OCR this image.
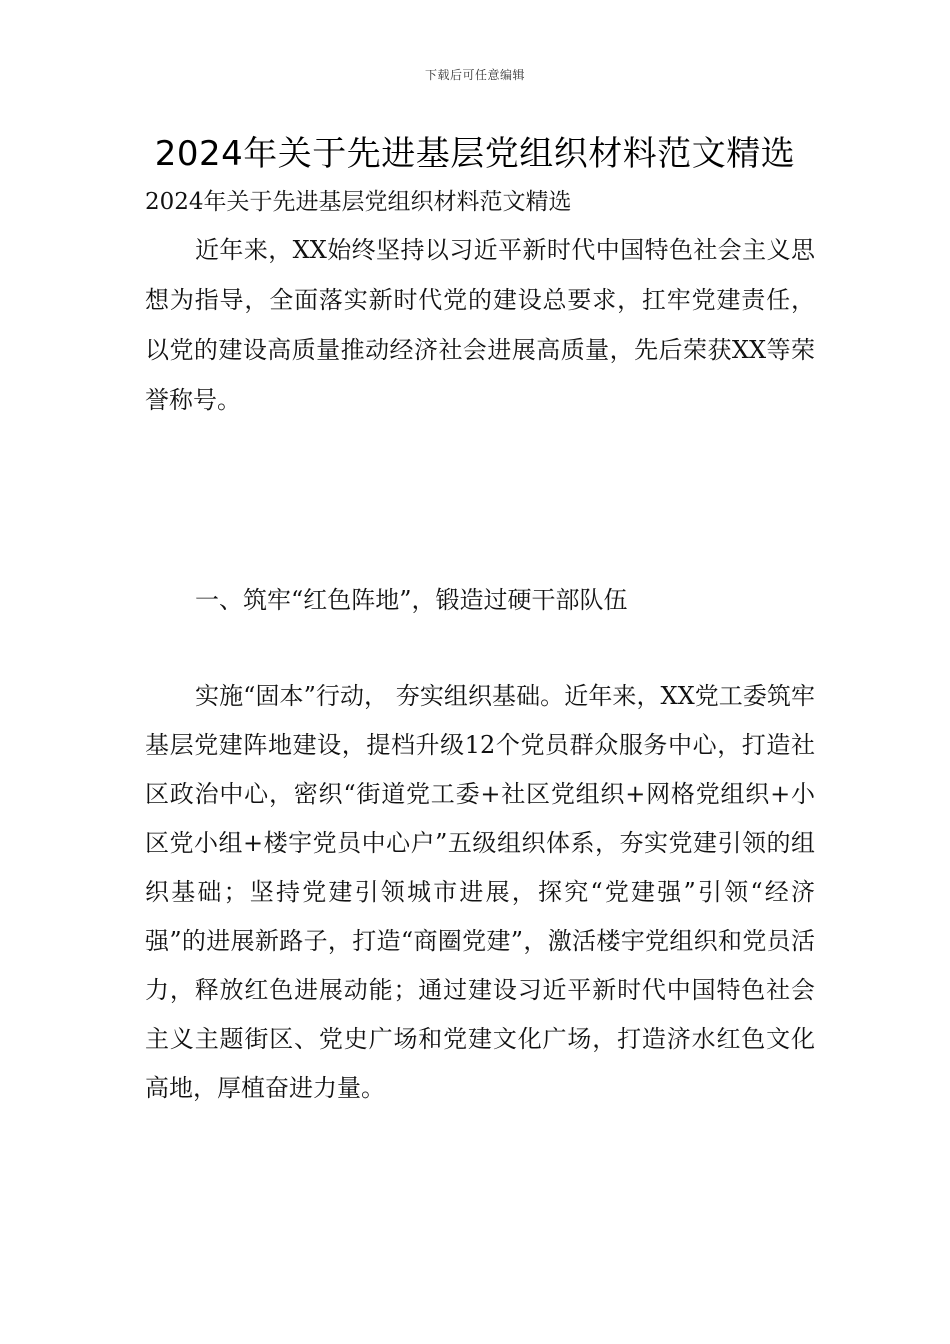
下载后可任意编辑
2024年关于先进基层党组织材料范文精选

2024年关于先进基层党组织材料范文精选

近年来，XX始终坚持以习近平新时代中国特色社会主义思想为指导，全面落实新时代党的建设总要求，扛牢党建责任，以党的建设高质量推动经济社会进展高质量，先后荣获XX等荣誉称号。

一、筑牢“红色阵地”，锻造过硬干部队伍

实施“固本”行动， 夯实组织基础。近年来，XX党工委筑牢基层党建阵地建设，提档升级12个党员群众服务中心，打造社区政治中心，密织“街道党工委+社区党组织+网格党组织+小区党小组+楼宇党员中心户”五级组织体系，夯实党建引领的组织基础；坚持党建引领城市进展，探究“党建强”引领“经济强”的进展新路子，打造“商圈党建”，激活楼宇党组织和党员活力，释放红色进展动能；通过建设习近平新时代中国特色社会主义主题街区、党史广场和党建文化广场，打造济水红色文化高地，厚植奋进力量。
